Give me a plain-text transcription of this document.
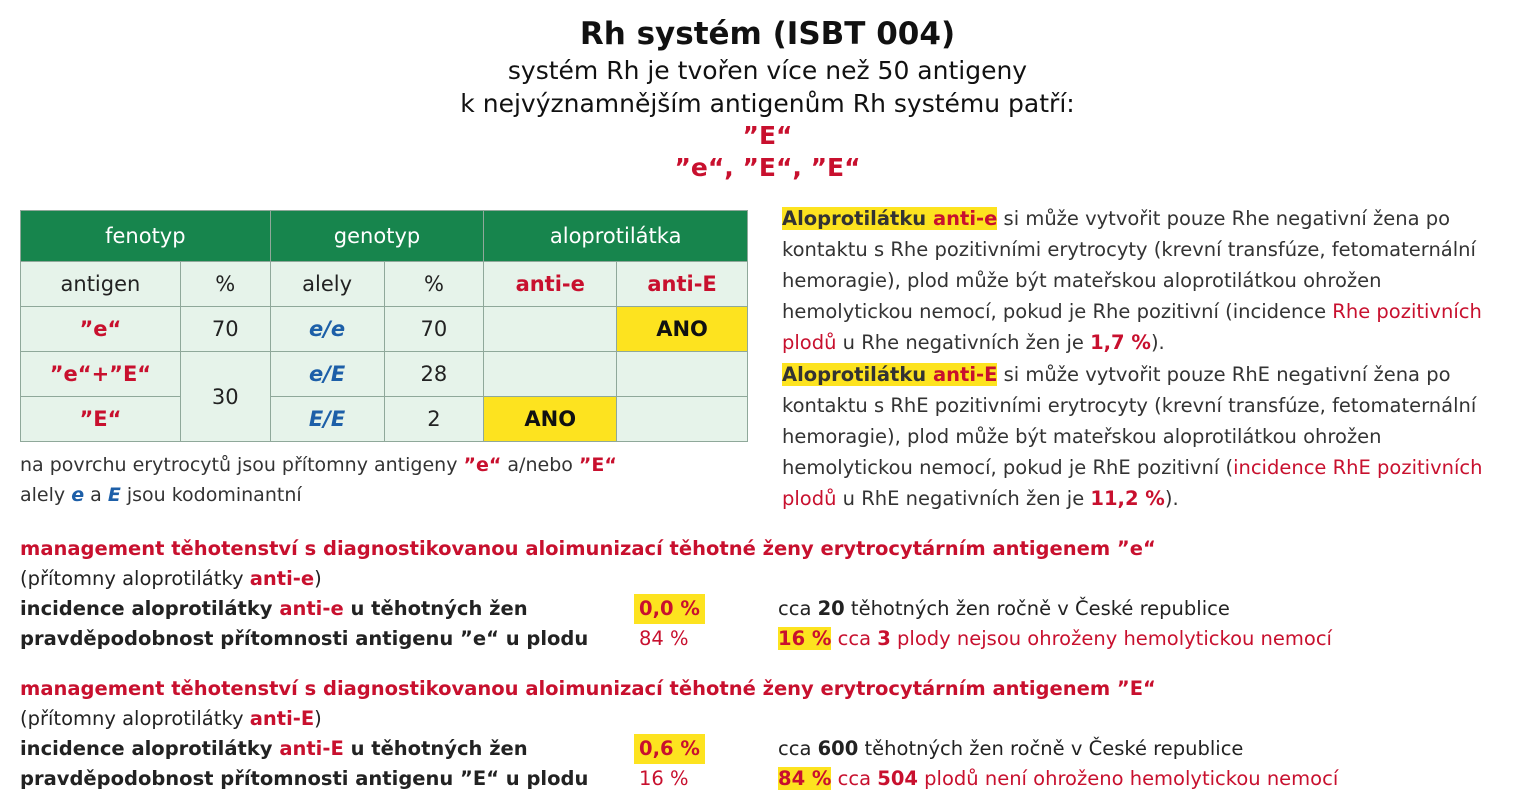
Rh systém (ISBT 004)
systém Rh je tvořen více než 50 antigeny
k nejvýznamnějším antigenům Rh systému patří:
”E“
”e“, ”E“, ”E“
fenotyp		genotyp		aloprotilátka	
antigen	%	alely	%	anti-e	anti-E
”e“	70	e/e	70		ANO
”e“+”E“	30	e/E	28		
”E“		E/E	2	ANO	
na povrchu erytrocytů jsou přítomny antigeny ”e“ a/nebo ”E“
alely e a E jsou kodominantní
Aloprotilátku anti-e si může vytvořit pouze Rhe negativní žena po kontaktu s Rhe pozitivními erytrocyty (krevní transfúze, fetomaternální hemoragie), plod může být mateřskou aloprotilátkou ohrožen hemolytickou nemocí, pokud je Rhe pozitivní (incidence Rhe pozitivních plodů u Rhe negativních žen je 1,7 %).
Aloprotilátku anti-E si může vytvořit pouze RhE negativní žena po kontaktu s RhE pozitivními erytrocyty (krevní transfúze, fetomaternální hemoragie), plod může být mateřskou aloprotilátkou ohrožen hemolytickou nemocí, pokud je RhE pozitivní (incidence RhE pozitivních plodů u RhE negativních žen je 11,2 %).
management těhotenství s diagnostikovanou aloimunizací těhotné ženy erytrocytárním antigenem ”e“
(přítomny aloprotilátky anti-e)
incidence aloprotilátky anti-e u těhotných žen	0,0 %	cca 20 těhotných žen ročně v České republice
pravděpodobnost přítomnosti antigenu ”e“ u plodu	84 %	16 % cca 3 plody nejsou ohroženy hemolytickou nemocí
management těhotenství s diagnostikovanou aloimunizací těhotné ženy erytrocytárním antigenem ”E“
(přítomny aloprotilátky anti-E)
incidence aloprotilátky anti-E u těhotných žen	0,6 %	cca 600 těhotných žen ročně v České republice
pravděpodobnost přítomnosti antigenu ”E“ u plodu	16 %	84 % cca 504 plodů není ohroženo hemolytickou nemocí
